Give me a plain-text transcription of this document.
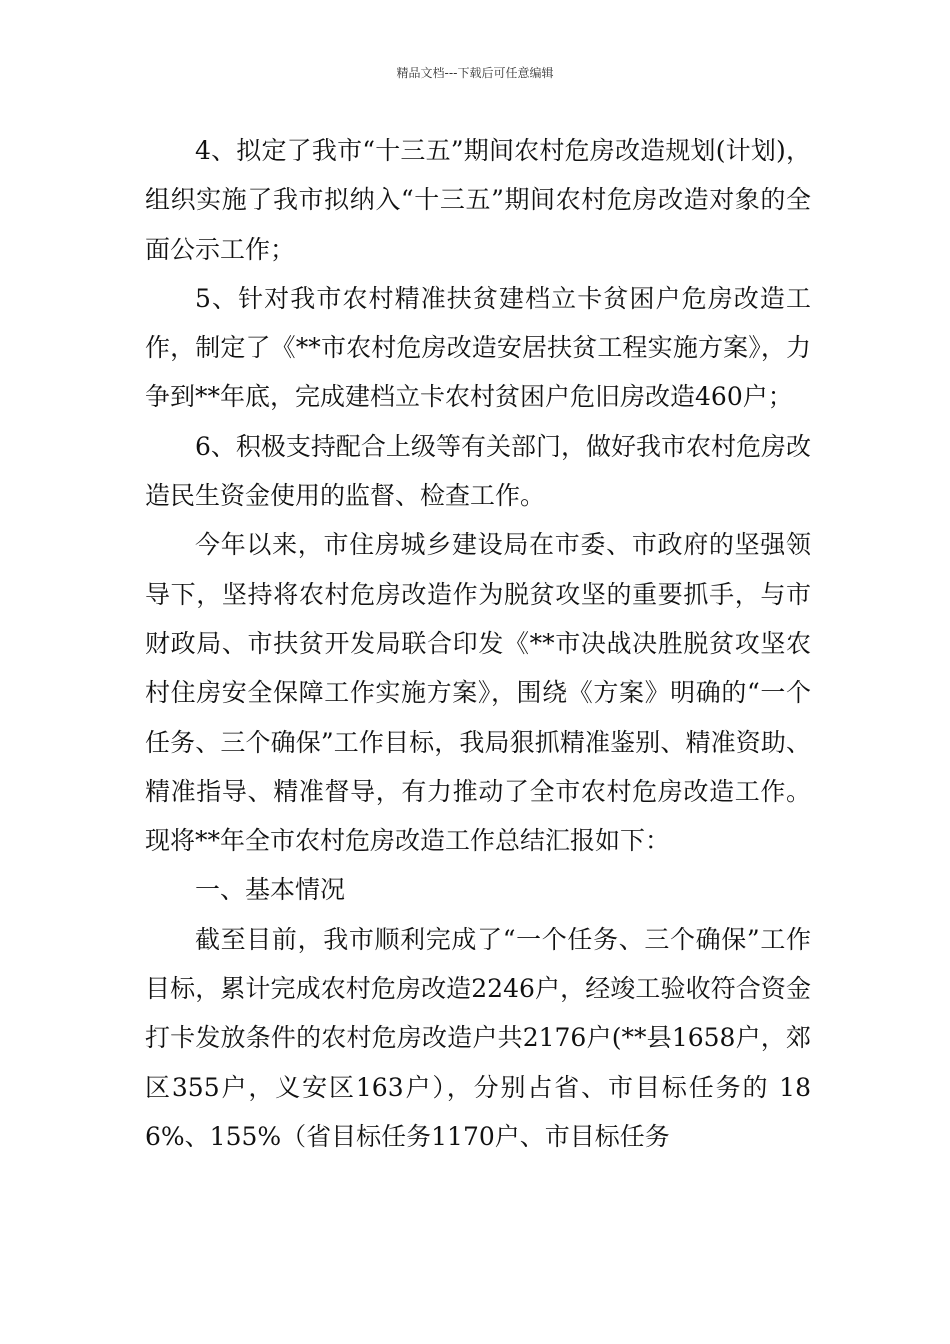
精品文档---下载后可任意编辑

4、拟定了我市“十三五”期间农村危房改造规划(计划)，组织实施了我市拟纳入“十三五”期间农村危房改造对象的全面公示工作；

5、针对我市农村精准扶贫建档立卡贫困户危房改造工作，制定了《**市农村危房改造安居扶贫工程实施方案》，力争到**年底，完成建档立卡农村贫困户危旧房改造460户；

6、积极支持配合上级等有关部门，做好我市农村危房改造民生资金使用的监督、检查工作。

今年以来，市住房城乡建设局在市委、市政府的坚强领导下，坚持将农村危房改造作为脱贫攻坚的重要抓手，与市财政局、市扶贫开发局联合印发《**市决战决胜脱贫攻坚农村住房安全保障工作实施方案》，围绕《方案》明确的“一个任务、三个确保”工作目标，我局狠抓精准鉴别、精准资助、精准指导、精准督导，有力推动了全市农村危房改造工作。现将**年全市农村危房改造工作总结汇报如下：

一、基本情况

截至目前，我市顺利完成了“一个任务、三个确保”工作目标，累计完成农村危房改造2246户，经竣工验收符合资金打卡发放条件的农村危房改造户共2176户(**县1658户，郊区355户，义安区163户），分别占省、市目标任务的 186%、155%（省目标任务1170户、市目标任务
